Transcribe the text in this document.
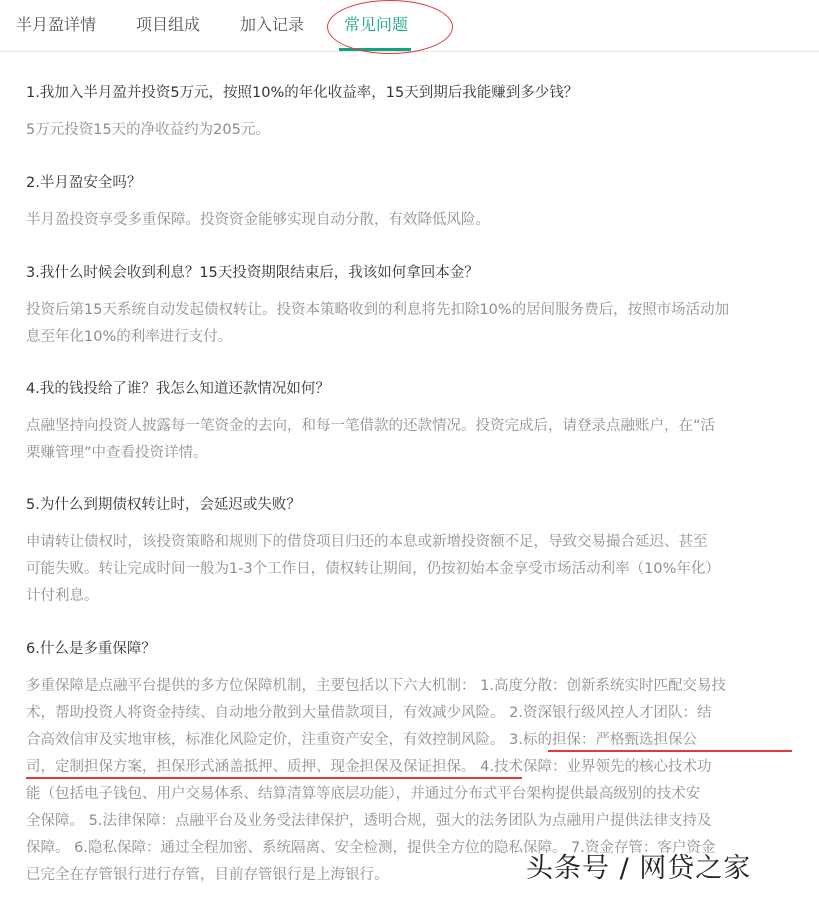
半月盈详情 项目组成 加入记录 常见问题

1.我加入半月盈并投资5万元，按照10%的年化收益率，15天到期后我能赚到多少钱？

5万元投资15天的净收益约为205元。

2.半月盈安全吗？

半月盈投资享受多重保障。投资资金能够实现自动分散，有效降低风险。

3.我什么时候会收到利息？15天投资期限结束后，我该如何拿回本金？

投资后第15天系统自动发起债权转让。投资本策略收到的利息将先扣除10%的居间服务费后，按照市场活动加
息至年化10%的利率进行支付。

4.我的钱投给了谁？我怎么知道还款情况如何？

点融坚持向投资人披露每一笔资金的去向，和每一笔借款的还款情况。投资完成后，请登录点融账户，在“活
栗赚管理”中查看投资详情。

5.为什么到期债权转让时，会延迟或失败？

申请转让债权时，该投资策略和规则下的借贷项目归还的本息或新增投资额不足，导致交易撮合延迟、甚至
可能失败。转让完成时间一般为1-3个工作日，债权转让期间，仍按初始本金享受市场活动利率（10%年化）
计付利息。

6.什么是多重保障？

多重保障是点融平台提供的多方位保障机制，主要包括以下六大机制： 1.高度分散：创新系统实时匹配交易技
术，帮助投资人将资金持续、自动地分散到大量借款项目，有效减少风险。 2.资深银行级风控人才团队：结
合高效信审及实地审核，标准化风险定价，注重资产安全，有效控制风险。 3.标的担保：严格甄选担保公
司，定制担保方案，担保形式涵盖抵押、质押、现金担保及保证担保。 4.技术保障：业界领先的核心技术功
能（包括电子钱包、用户交易体系、结算清算等底层功能），并通过分布式平台架构提供最高级别的技术安
全保障。 5.法律保障：点融平台及业务受法律保护，透明合规，强大的法务团队为点融用户提供法律支持及
保障。 6.隐私保障：通过全程加密、系统隔离、安全检测，提供全方位的隐私保障。 7.资金存管：客户资金
已完全在存管银行进行存管，目前存管银行是上海银行。	头条号 / 网贷之家
